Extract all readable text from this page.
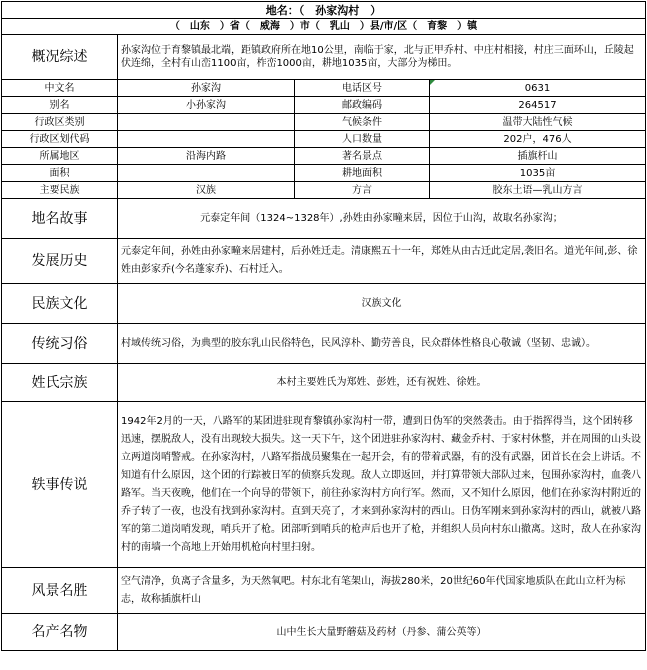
地名：（　孙家沟村　）			
（　山东　）省（　威海　）市（　乳山　）县/市/区（　育黎　）镇			
概况综述	孙家沟位于育黎镇最北端，距镇政府所在地10公里，南临于家，北与正甲乔村、中庄村相接，村庄三面环山，丘陵起伏连绵，全村有山峦1100亩，柞峦1000亩，耕地1035亩，大部分为梯田。		
中文名	孙家沟	电话区号	0631
别名	小孙家沟	邮政编码	264517
行政区类别		气候条件	温带大陆性气候
行政区划代码		人口数量	202户，476人
所属地区	沿海内路	著名景点	插旗杆山
面积		耕地面积	1035亩
主要民族	汉族	方言	胶东土语—乳山方言
地名故事	元泰定年间（1324~1328年）,孙姓由孙家疃来居，因位于山沟，故取名孙家沟；		
发展历史	元泰定年间，孙姓由孙家疃来居建村，后孙姓迁走。清康熙五十一年，郑姓从由古迁此定居,袭旧名。道光年间,彭、徐姓由彭家乔(今名蓬家乔)、石村迁入。		
民族文化	汉族文化		
传统习俗	村域传统习俗，为典型的胶东乳山民俗特色，民风淳朴、勤劳善良，民众群体性格良心敬诚（坚韧、忠诚）。		
姓氏宗族	本村主要姓氏为郑姓、彭姓，还有祝姓、徐姓。		
轶事传说	1942年2月的一天，八路军的某团进驻现育黎镇孙家沟村一带，遭到日伪军的突然袭击。由于指挥得当，这个团转移迅速，摆脱敌人，没有出现较大损失。这一天下午，这个团进驻孙家沟村、藏金乔村、于家村休整，并在周围的山头设立两道岗哨警戒。在孙家沟村，八路军指战员聚集在一起开会，有的带着武器，有的没有武器，团首长在会上讲话。不知道有什么原因，这个团的行踪被日军的侦察兵发现。敌人立即返回，并打算带领大部队过来，包围孙家沟村，血袭八路军。当天夜晚，他们在一个向导的带领下，前往孙家沟村方向行军。然而，又不知什么原因，他们在孙家沟村附近的乔子转了一夜，也没有找到孙家沟村。直到天亮了，才来到孙家沟村的西山。日伪军刚来到孙家沟村的西山，就被八路军的第二道岗哨发现，哨兵开了枪。团部听到哨兵的枪声后也开了枪，并组织人员向村东山撤离。这时，敌人在孙家沟村的南墙一个高地上开始用机枪向村里扫射。		
风景名胜	空气清净，负离子含量多，为天然氧吧。村东北有笔架山，海拔280米，20世纪60年代国家地质队在此山立杆为标志，故称插旗杆山		
名产名物	山中生长大量野蘑菇及药材（丹参、蒲公英等）		
